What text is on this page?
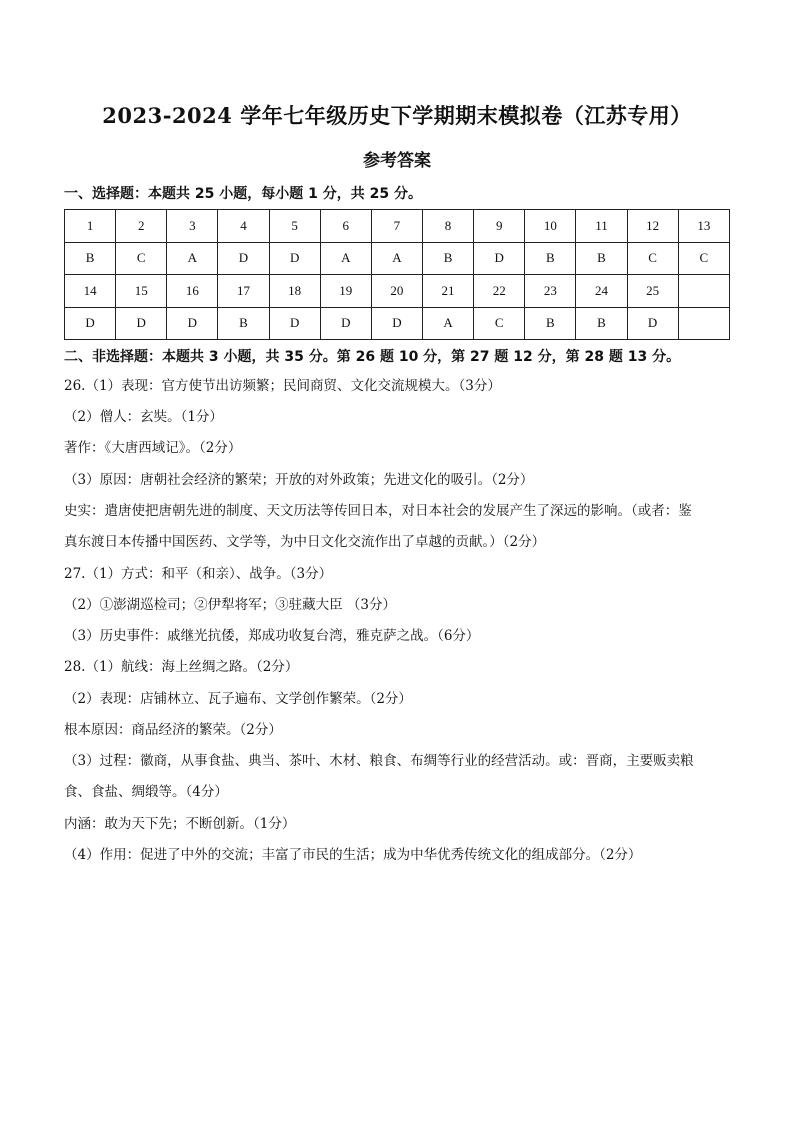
2023-2024 学年七年级历史下学期期末模拟卷（江苏专用）
参考答案
一、选择题：本题共 25 小题，每小题 1 分，共 25 分。
1	2	3	4	5	6	7	8	9	10	11	12	13
B	C	A	D	D	A	A	B	D	B	B	C	C
14	15	16	17	18	19	20	21	22	23	24	25	
D	D	D	B	D	D	D	A	C	B	B	D	
二、非选择题：本题共 3 小题，共 35 分。第 26 题 10 分，第 27 题 12 分，第 28 题 13 分。
26.（1）表现：官方使节出访频繁；民间商贸、文化交流规模大。（3分）
（2）僧人：玄奘。（1分）
著作：《大唐西域记》。（2分）
（3）原因：唐朝社会经济的繁荣；开放的对外政策；先进文化的吸引。（2分）
史实：遣唐使把唐朝先进的制度、天文历法等传回日本，对日本社会的发展产生了深远的影响。（或者：鉴
真东渡日本传播中国医药、文学等，为中日文化交流作出了卓越的贡献。）（2分）
27.（1）方式：和平（和亲）、战争。（3分）
（2）①澎湖巡检司；②伊犁将军；③驻藏大臣 （3分）
（3）历史事件：戚继光抗倭，郑成功收复台湾，雅克萨之战。（6分）
28.（1）航线：海上丝绸之路。（2分）
（2）表现：店铺林立、瓦子遍布、文学创作繁荣。（2分）
根本原因：商品经济的繁荣。（2分）
（3）过程：徽商，从事食盐、典当、茶叶、木材、粮食、布绸等行业的经营活动。或：晋商，主要贩卖粮
食、食盐、绸缎等。（4分）
内涵：敢为天下先；不断创新。（1分）
（4）作用：促进了中外的交流；丰富了市民的生活；成为中华优秀传统文化的组成部分。（2分）
